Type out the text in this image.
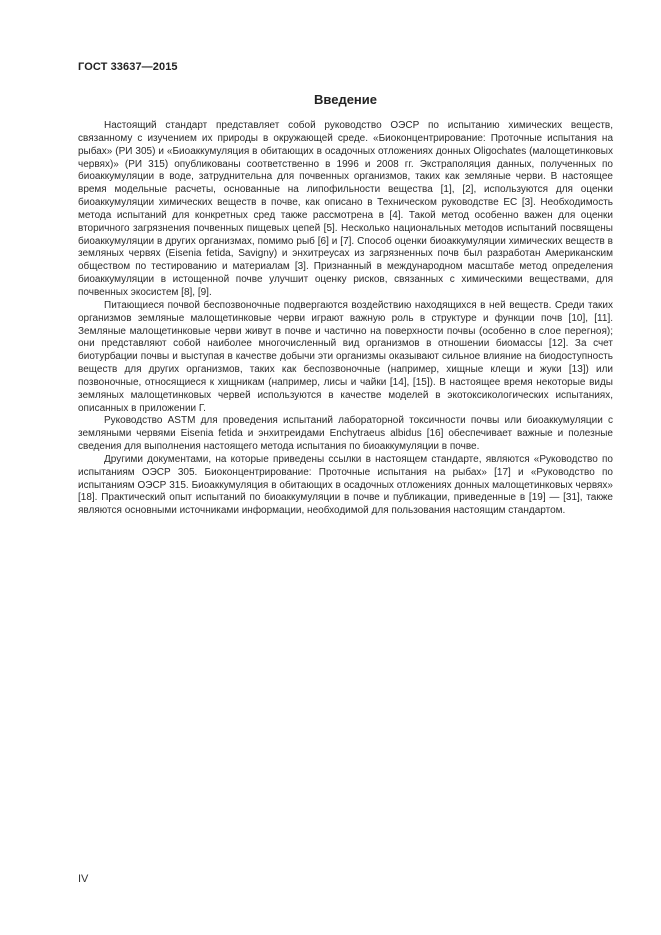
ГОСТ 33637—2015
Введение

Настоящий стандарт представляет собой руководство ОЭСР по испытанию химических веществ, связанному с изучением их природы в окружающей среде. «Биоконцентрирование: Проточные испытания на рыбах» (РИ 305) и «Биоаккумуляция в обитающих в осадочных отложениях донных Oligochates (малощетинковых червях)» (РИ 315) опубликованы соответственно в 1996 и 2008 гг. Экстраполяция данных, полученных по биоаккумуляции в воде, затруднительна для почвенных организмов, таких как земляные черви. В настоящее время модельные расчеты, основанные на липофильности вещества [1], [2], используются для оценки биоаккумуляции химических веществ в почве, как описано в Техническом руководстве ЕС [3]. Необходимость метода испытаний для конкретных сред также рассмотрена в [4]. Такой метод особенно важен для оценки вторичного загрязнения почвенных пищевых цепей [5]. Несколько национальных методов испытаний посвящены биоаккумуляции в других организмах, помимо рыб [6] и [7]. Способ оценки биоаккумуляции химических веществ в земляных червях (Eisenia fetida, Savigny) и энхитреусах из загрязненных почв был разработан Американским обществом по тестированию и материалам [3]. Признанный в международном масштабе метод определения биоаккумуляции в истощенной почве улучшит оценку рисков, связанных с химическими веществами, для почвенных экосистем [8], [9].

Питающиеся почвой беспозвоночные подвергаются воздействию находящихся в ней веществ. Среди таких организмов земляные малощетинковые черви играют важную роль в структуре и функции почв [10], [11]. Земляные малощетинковые черви живут в почве и частично на поверхности почвы (особенно в слое перегноя); они представляют собой наиболее многочисленный вид организмов в отношении биомассы [12]. За счет биотурбации почвы и выступая в качестве добычи эти организмы оказывают сильное влияние на биодоступность веществ для других организмов, таких как беспозвоночные (например, хищные клещи и жуки [13]) или позвоночные, относящиеся к хищникам (например, лисы и чайки [14], [15]). В настоящее время некоторые виды земляных малощетинковых червей используются в качестве моделей в экотоксикологических испытаниях, описанных в приложении Г.

Руководство ASTM для проведения испытаний лабораторной токсичности почвы или биоаккумуляции с земляными червями Eisenia fetida и энхитреидами Enchytraeus albidus [16] обеспечивает важные и полезные сведения для выполнения настоящего метода испытания по биоаккумуляции в почве.

Другими документами, на которые приведены ссылки в настоящем стандарте, являются «Руководство по испытаниям ОЭСР 305. Биоконцентрирование: Проточные испытания на рыбах» [17] и «Руководство по испытаниям ОЭСР 315. Биоаккумуляция в обитающих в осадочных отложениях донных малощетинковых червях» [18]. Практический опыт испытаний по биоаккумуляции в почве и публикации, приведенные в [19] — [31], также являются основными источниками информации, необходимой для пользования настоящим стандартом.

IV
